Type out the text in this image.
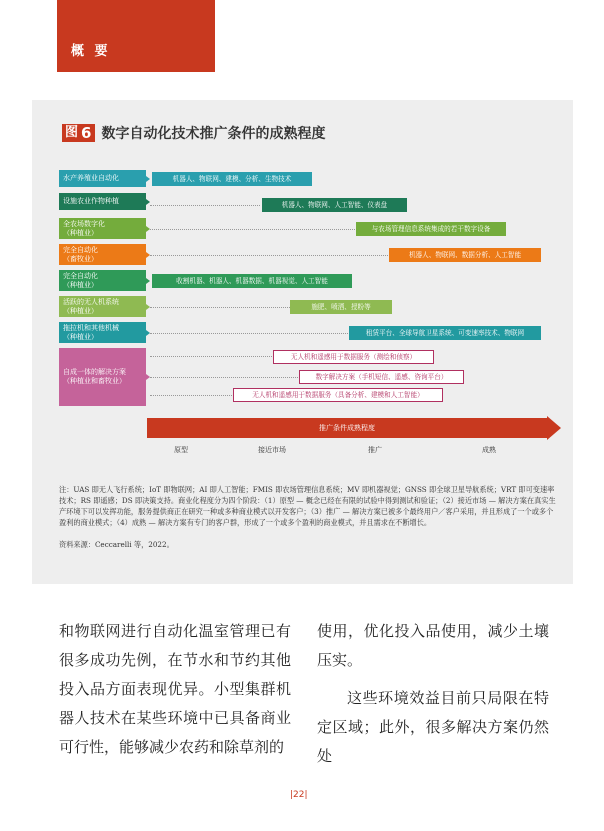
概 要
图 6 数字自动化技术推广条件的成熟程度
水产养殖业自动化
设施农业作物种植
全农场数字化
（种植业）
完全自动化
（畜牧业）
完全自动化
（种植业）
活跃的无人机系统
（种植业）
拖拉机和其他机械
（种植业）
自成一体的解决方案
（种植业和畜牧业）
机器人、物联网、建模、分析、生物技术
机器人、物联网、人工智能、仪表盘
与农场管理信息系统集成的若干数字设备
机器人、物联网、数据分析、人工智能
收割机器、机器人、机器数据、机器视觉、人工智能
施肥、喷洒、授粉等
租赁平台、全球导航卫星系统、可变速率技术、物联网
无人机和遥感用于数据服务（测绘和侦察）
数字解决方案（手机短信、遥感、咨询平台）
无人机和遥感用于数据服务（具备分析、建模和人工智能）
推广条件成熟程度
原型	接近市场	推广	成熟
注：UAS 即无人飞行系统；IoT 即物联网；AI 即人工智能；FMIS 即农场管理信息系统；MV 即机器视觉；GNSS 即全球卫星导航系统；VRT 即可变速率技术；RS 即遥感；DS 即决策支持。商业化程度分为四个阶段：（1）原型 — 概念已经在有限的试验中得到测试和验证；（2）接近市场 — 解决方案在真实生产环境下可以发挥功能，服务提供商正在研究一种或多种商业模式以开发客户；（3）推广 — 解决方案已被多个最终用户／客户采用，并且形成了一个或多个盈利的商业模式；（4）成熟 — 解决方案有专门的客户群，形成了一个或多个盈利的商业模式，并且需求在不断增长。
资料来源：Ceccarelli 等，2022。
和物联网进行自动化温室管理已有很多成功先例，在节水和节约其他投入品方面表现优异。小型集群机器人技术在某些环境中已具备商业可行性，能够减少农药和除草剂的
使用，优化投入品使用，减少土壤压实。
这些环境效益目前只局限在特定区域；此外，很多解决方案仍然处
|22|
